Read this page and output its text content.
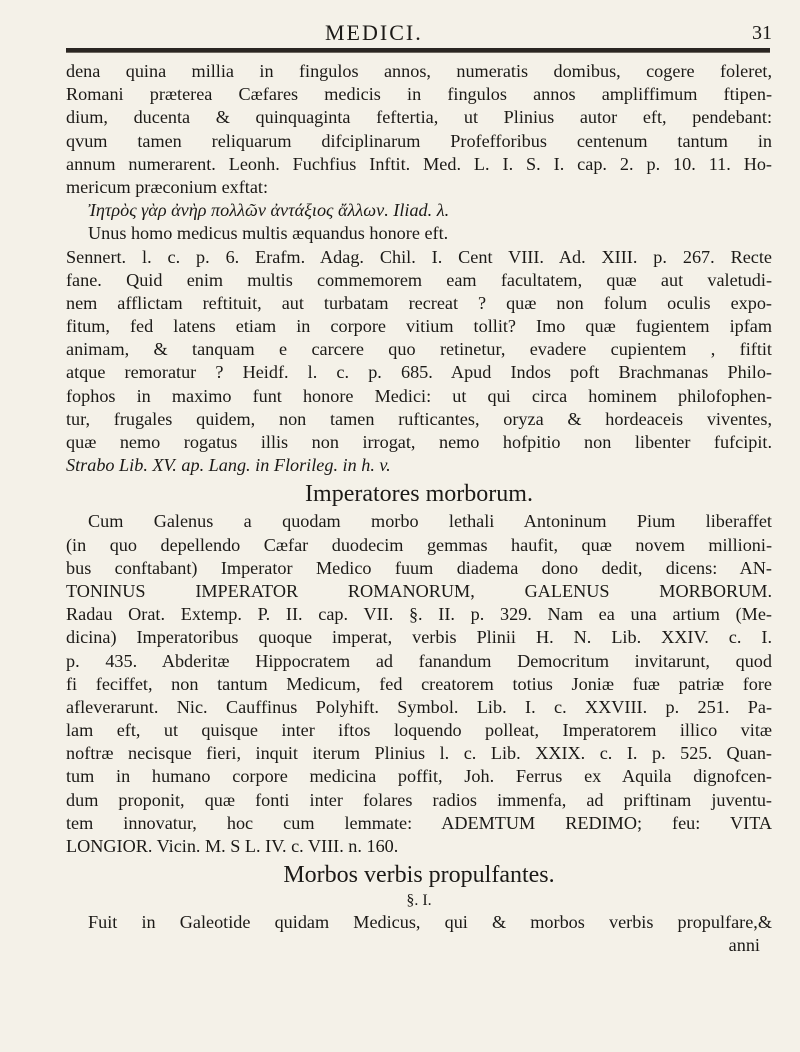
MEDICI.	31
dena quina millia in fingulos annos, numeratis domibus, cogere foleret,
Romani prӕterea Cӕfares medicis in fingulos annos ampliffimum ftipen-
dium, ducenta & quinquaginta feftertia, ut Plinius autor eft, pendebant:
qvum tamen reliquarum difciplinarum Profefforibus centenum tantum in
annum numerarent. Leonh. Fuchfius Inftit. Med. L. I. S. I. cap. 2. p. 10. 11. Ho-
mericum prӕconium exftat:
Ἰητρὸς γὰρ ἀνὴρ πολλῶν ἀντάξιος ἄλλων. Iliad. λ.
Unus homo medicus multis ӕquandus honore eft.
Sennert. l. c. p. 6. Erafm. Adag. Chil. I. Cent VIII. Ad. XIII. p. 267. Recte
fane. Quid enim multis commemorem eam facultatem, quӕ aut valetudi-
nem afflictam reftituit, aut turbatam recreat ? quӕ non folum oculis expo-
fitum, fed latens etiam in corpore vitium tollit? Imo quӕ fugientem ipfam
animam, & tanquam e carcere quo retinetur, evadere cupientem , fiftit
atque remoratur ? Heidf. l. c. p. 685. Apud Indos poft Brachmanas Philo-
fophos in maximo funt honore Medici: ut qui circa hominem philofophen-
tur, frugales quidem, non tamen rufticantes, oryza & hordeaceis viventes,
quӕ nemo rogatus illis non irrogat, nemo hofpitio non libenter fufcipit.
Strabo Lib. XV. ap. Lang. in Florileg. in h. v.
Imperatores morborum.
Cum Galenus a quodam morbo lethali Antoninum Pium liberaffet
(in quo depellendo Cӕfar duodecim gemmas haufit, quӕ novem millioni-
bus conftabant) Imperator Medico fuum diadema dono dedit, dicens: AN-
TONINUS IMPERATOR ROMANORUM, GALENUS MORBORUM.
Radau Orat. Extemp. P. II. cap. VII. §. II. p. 329. Nam ea una artium (Me-
dicina) Imperatoribus quoque imperat, verbis Plinii H. N. Lib. XXIV. c. I.
p. 435. Abderitӕ Hippocratem ad fanandum Democritum invitarunt, quod
fi feciffet, non tantum Medicum, fed creatorem totius Joniӕ fuӕ patriӕ fore
afleverarunt. Nic. Cauffinus Polyhift. Symbol. Lib. I. c. XXVIII. p. 251. Pa-
lam eft, ut quisque inter iftos loquendo polleat, Imperatorem illico vitӕ
noftrӕ necisque fieri, inquit iterum Plinius l. c. Lib. XXIX. c. I. p. 525. Quan-
tum in humano corpore medicina poffit, Joh. Ferrus ex Aquila dignofcen-
dum proponit, quӕ fonti inter folares radios immenfa, ad priftinam juventu-
tem innovatur, hoc cum lemmate: ADEMTUM REDIMO; feu: VITA
LONGIOR. Vicin. M. S L. IV. c. VIII. n. 160.
Morbos verbis propulfantes.
§. I.
Fuit in Galeotide quidam Medicus, qui & morbos verbis propulfare,&
anni
